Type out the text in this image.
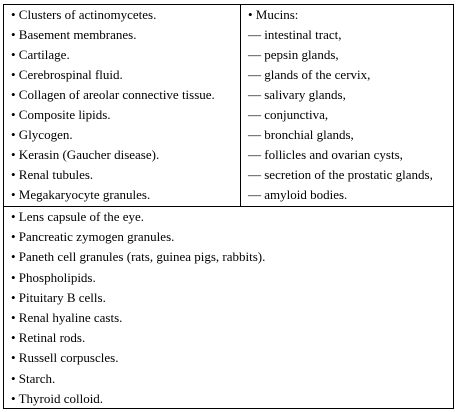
• Clusters of actinomycetes.
• Basement membranes.
• Cartilage.
• Cerebrospinal fluid.
• Collagen of areolar connective tissue.
• Composite lipids.
• Glycogen.
• Kerasin (Gaucher disease).
• Renal tubules.
• Megakaryocyte granules.
• Mucins:
— intestinal tract,
— pepsin glands,
— glands of the cervix,
— salivary glands,
— conjunctiva,
— bronchial glands,
— follicles and ovarian cysts,
— secretion of the prostatic glands,
— amyloid bodies.
• Lens capsule of the eye.
• Pancreatic zymogen granules.
• Paneth cell granules (rats, guinea pigs, rabbits).
• Phospholipids.
• Pituitary B cells.
• Renal hyaline casts.
• Retinal rods.
• Russell corpuscles.
• Starch.
• Thyroid colloid.
